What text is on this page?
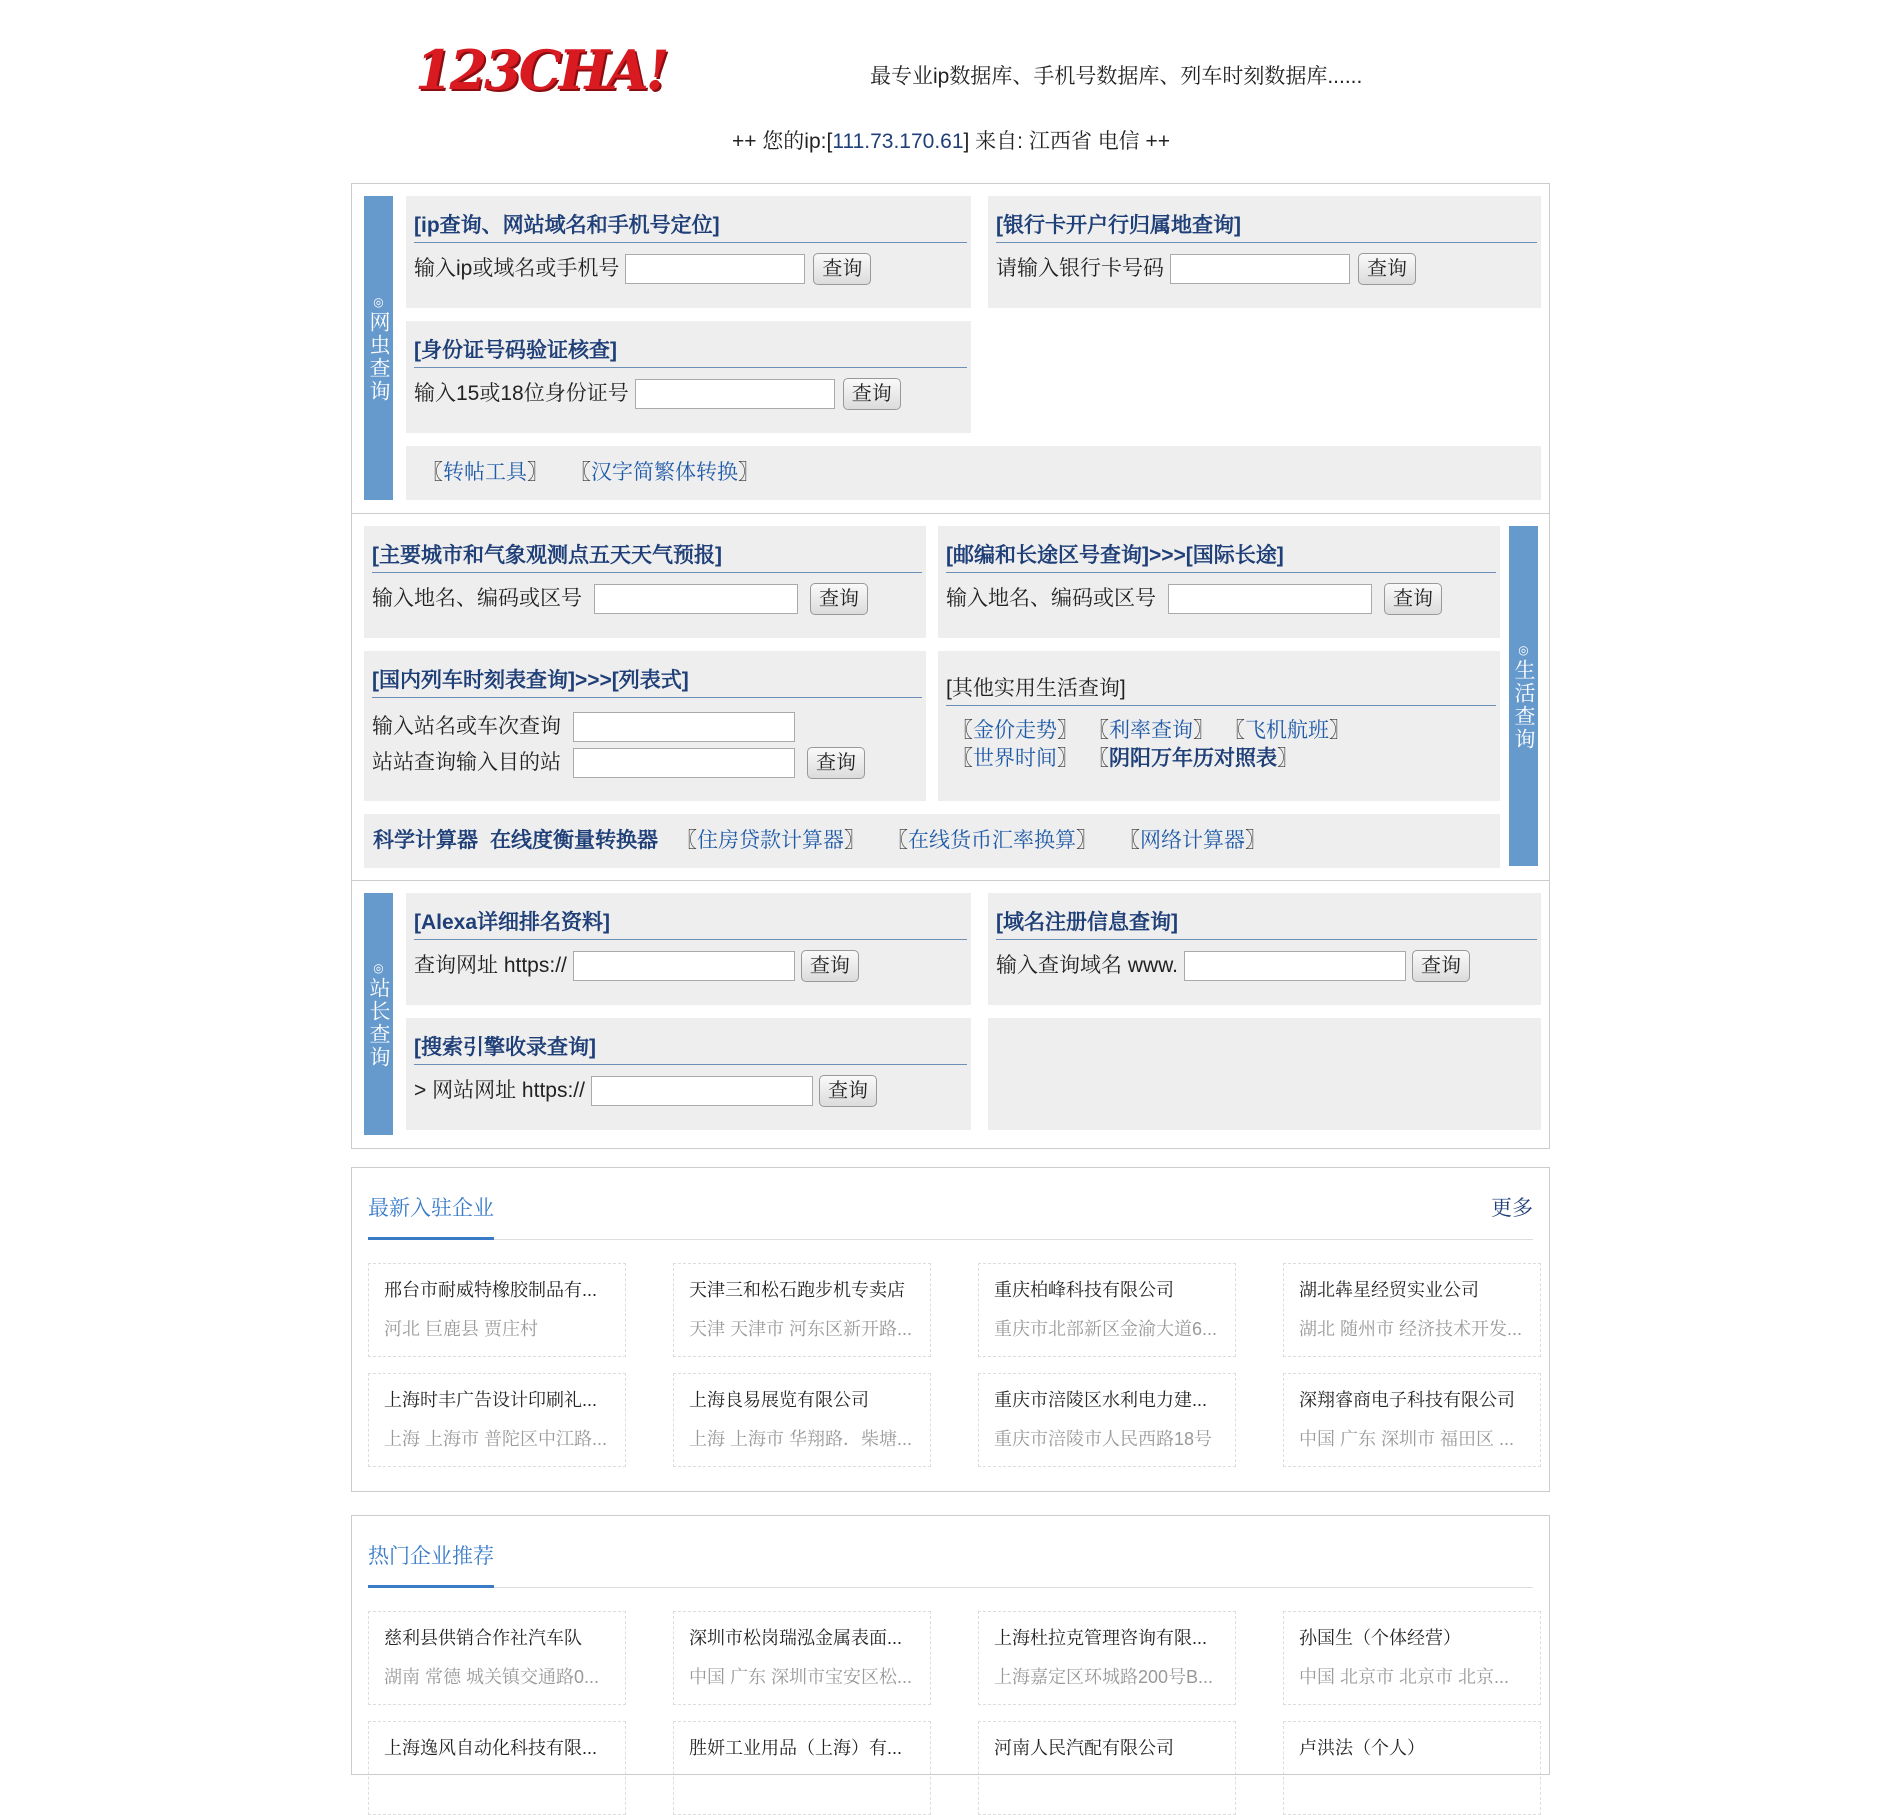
123CHA!	最专业ip数据库、手机号数据库、列车时刻数据库......
++ 您的ip:[111.73.170.61] 来自: 江西省 电信 ++
◎
网虫查询
[ip查询、网站域名和手机号定位]
输入ip或域名或手机号	查询
[银行卡开户行归属地查询]
请输入银行卡号码	查询
[身份证号码验证核查]
输入15或18位身份证号	查询
〖 转帖工具 〗 〖 汉字简繁体转换 〗
◎
生活查询
[主要城市和气象观测点五天天气预报]
输入地名、编码或区号	查询
[邮编和长途区号查询]>>>[国际长途]
输入地名、编码或区号	查询
[国内列车时刻表查询]>>>[列表式]
输入站名或车次查询
站站查询输入目的站	查询
[其他实用生活查询]
〖 金价走势 〗 〖 利率查询 〗 〖 飞机航班 〗
〖 世界时间 〗 〖 阴阳万年历对照表 〗
科学计算器 在线度衡量转换器 〖 住房贷款计算器 〗 〖 在线货币汇率换算 〗 〖 网络计算器 〗
◎
站长查询
[Alexa详细排名资料]
查询网址 https://	查询
[域名注册信息查询]
输入查询域名 www.	查询
[搜索引擎收录查询]
> 网站网址 https://	查询
最新入驻企业	更多
邢台市耐威特橡胶制品有...
河北 巨鹿县 贾庄村
天津三和松石跑步机专卖店
天津 天津市 河东区新开路...
重庆柏峰科技有限公司
重庆市北部新区金渝大道6...
湖北犇星经贸实业公司
湖北 随州市 经济技术开发...
上海时丰广告设计印刷礼...
上海 上海市 普陀区中江路...
上海良易展览有限公司
上海 上海市 华翔路．柴塘...
重庆市涪陵区水利电力建...
重庆市涪陵市人民西路18号
深翔睿商电子科技有限公司
中国 广东 深圳市 福田区 ...
热门企业推荐
慈利县供销合作社汽车队
湖南 常德 城关镇交通路0...
深圳市松岗瑞泓金属表面...
中国 广东 深圳市宝安区松...
上海杜拉克管理咨询有限...
上海嘉定区环城路200号B...
孙国生（个体经营）
中国 北京市 北京市 北京...
上海逸风自动化科技有限...	胜妍工业用品（上海）有...	河南人民汽配有限公司	卢洪法（个人）
